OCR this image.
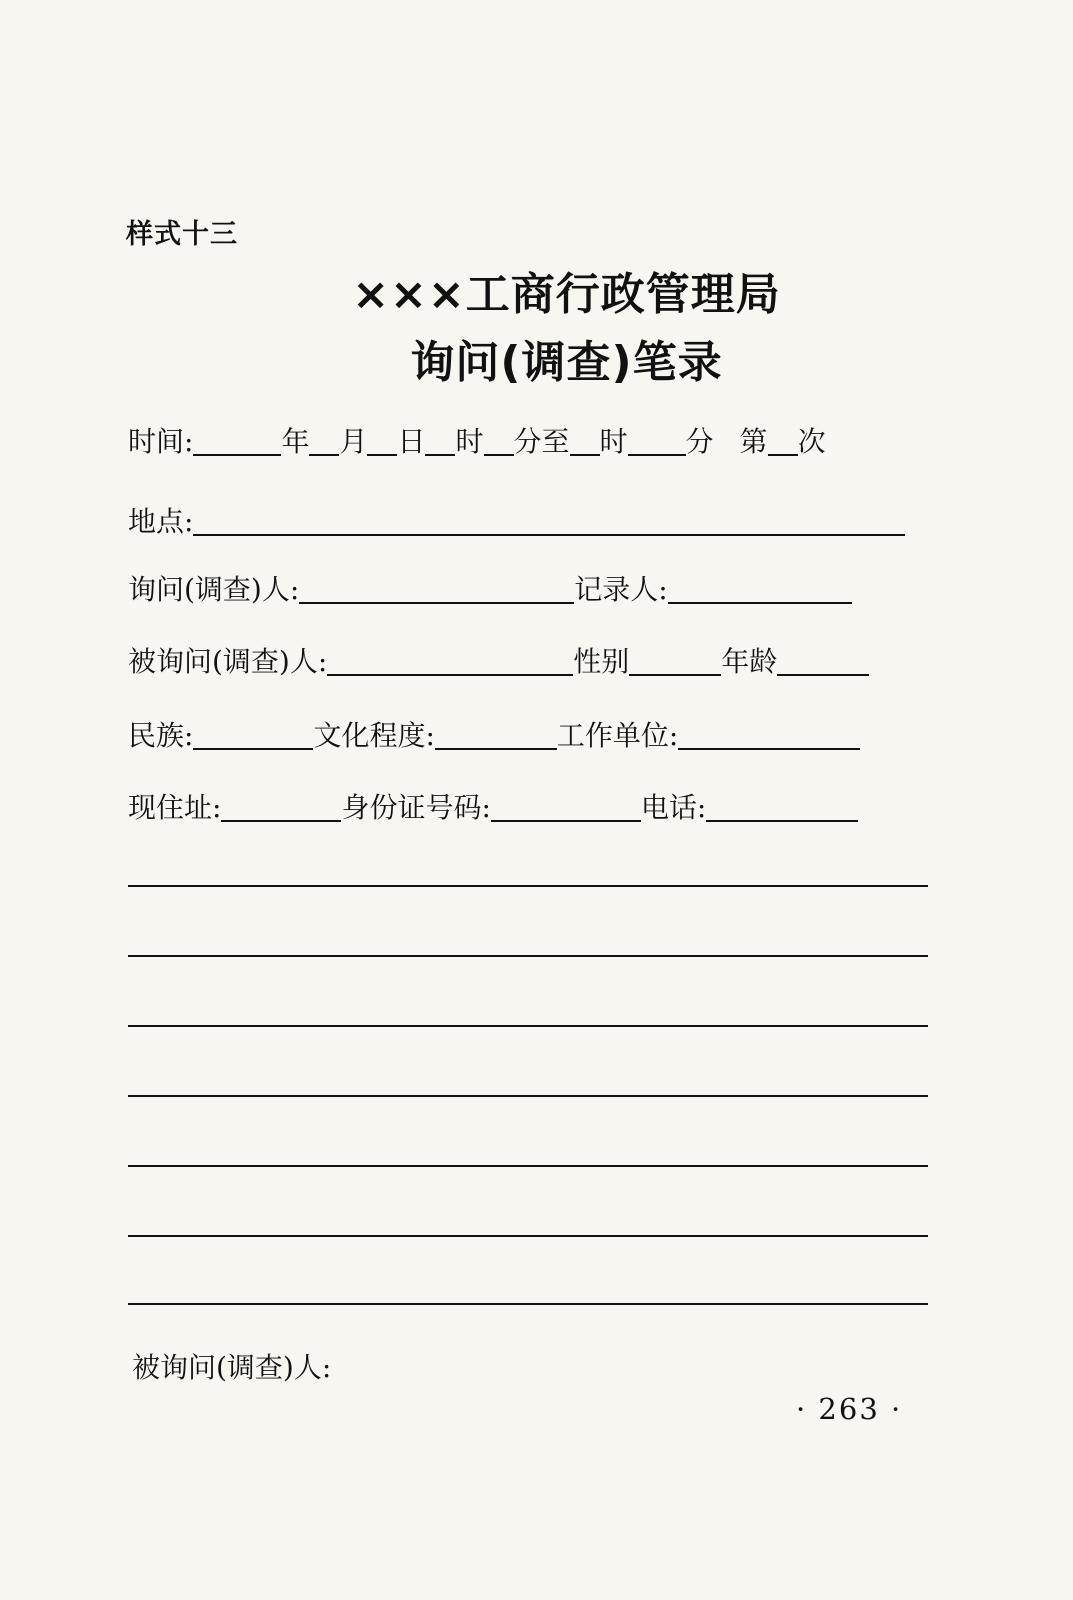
样式十三
×××工商行政管理局
询问(调查)笔录
时间:	年 月 日 时 分至 时 分 第 次
地点:
询问(调查)人:	记录人:
被询问(调查)人:	性别	年龄
民族:	文化程度:	工作单位:
现住址:	身份证号码:	电话:
被询问(调查)人:
· 263 ·
